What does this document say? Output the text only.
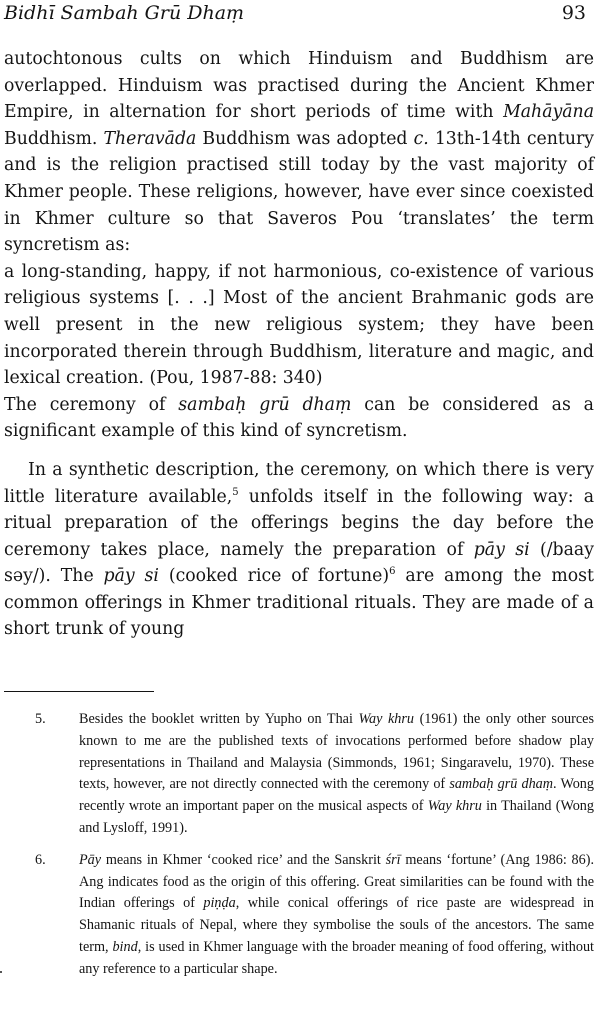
Bidhī Sambah Grū Dhaṃ	93

autochtonous cults on which Hinduism and Buddhism are overlapped. Hinduism was practised during the Ancient Khmer Empire, in alternation for short periods of time with Mahāyāna Buddhism. Theravāda Buddhism was adopted c. 13th-14th century and is the religion practised still today by the vast majority of Khmer people. These religions, however, have ever since coexisted in Khmer culture so that Saveros Pou ‘translates’ the term syncretism as:

a long-standing, happy, if not harmonious, co-existence of various religious systems [. . .] Most of the ancient Brahmanic gods are well present in the new religious system; they have been incorporated therein through Buddhism, literature and magic, and lexical creation. (Pou, 1987-88: 340)

The ceremony of sambaḥ grū dhaṃ can be considered as a significant example of this kind of syncretism.

In a synthetic description, the ceremony, on which there is very little literature available,$^5$ unfolds itself in the following way: a ritual preparation of the offerings begins the day before the ceremony takes place, namely the preparation of pāy si (/baay səy/). The pāy si (cooked rice of fortune)$^6$ are among the most common offerings in Khmer traditional rituals. They are made of a short trunk of young

5.	Besides the booklet written by Yupho on Thai Way khru (1961) the only other sources known to me are the published texts of invocations performed before shadow play representations in Thailand and Malaysia (Simmonds, 1961; Singaravelu, 1970). These texts, however, are not directly connected with the ceremony of sambaḥ grū dhaṃ. Wong recently wrote an important paper on the musical aspects of Way khru in Thailand (Wong and Lysloff, 1991).
6.	Pāy means in Khmer ‘cooked rice’ and the Sanskrit śrī means ‘fortune’ (Ang 1986: 86). Ang indicates food as the origin of this offering. Great similarities can be found with the Indian offerings of piṇḍa, while conical offerings of rice paste are widespread in Shamanic rituals of Nepal, where they symbolise the souls of the ancestors. The same term, bind, is used in Khmer language with the broader meaning of food offering, without any reference to a particular shape.
